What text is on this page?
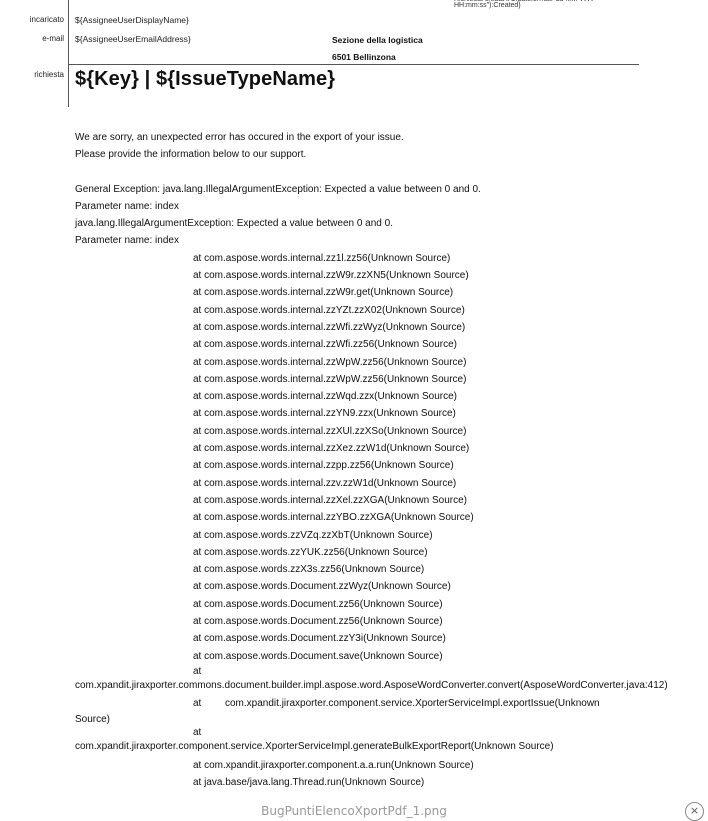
HH:mm:ss"):Created}
incaricato ${AssigneeUserDisplayName}
e-mail ${AssigneeUserEmailAddress}	Sezione della logistica
6501 Bellinzona
richiesta ${Key} | ${IssueTypeName}

We are sorry, an unexpected error has occured in the export of your issue.

Please provide the information below to our support.

General Exception: java.lang.IllegalArgumentException: Expected a value between 0 and 0.

Parameter name: index

java.lang.IllegalArgumentException: Expected a value between 0 and 0.

Parameter name: index

at com.aspose.words.internal.zz1l.zz56(Unknown Source)

at com.aspose.words.internal.zzW9r.zzXN5(Unknown Source)

at com.aspose.words.internal.zzW9r.get(Unknown Source)

at com.aspose.words.internal.zzYZt.zzX02(Unknown Source)

at com.aspose.words.internal.zzWfi.zzWyz(Unknown Source)

at com.aspose.words.internal.zzWfi.zz56(Unknown Source)

at com.aspose.words.internal.zzWpW.zz56(Unknown Source)

at com.aspose.words.internal.zzWpW.zz56(Unknown Source)

at com.aspose.words.internal.zzWqd.zzx(Unknown Source)

at com.aspose.words.internal.zzYN9.zzx(Unknown Source)

at com.aspose.words.internal.zzXUl.zzXSo(Unknown Source)

at com.aspose.words.internal.zzXez.zzW1d(Unknown Source)

at com.aspose.words.internal.zzpp.zz56(Unknown Source)

at com.aspose.words.internal.zzv.zzW1d(Unknown Source)

at com.aspose.words.internal.zzXel.zzXGA(Unknown Source)

at com.aspose.words.internal.zzYBO.zzXGA(Unknown Source)

at com.aspose.words.zzVZq.zzXbT(Unknown Source)

at com.aspose.words.zzYUK.zz56(Unknown Source)

at com.aspose.words.zzX3s.zz56(Unknown Source)

at com.aspose.words.Document.zzWyz(Unknown Source)

at com.aspose.words.Document.zz56(Unknown Source)

at com.aspose.words.Document.zz56(Unknown Source)

at com.aspose.words.Document.zzY3i(Unknown Source)

at com.aspose.words.Document.save(Unknown Source)

at

com.xpandit.jiraxporter.commons.document.builder.impl.aspose.word.AsposeWordConverter.convert(AsposeWordConverter.java:412)

at com.xpandit.jiraxporter.component.service.XporterServiceImpl.exportIssue(Unknown

Source)

at

com.xpandit.jiraxporter.component.service.XporterServiceImpl.generateBulkExportReport(Unknown Source)

at com.xpandit.jiraxporter.component.a.a.run(Unknown Source)

at java.base/java.lang.Thread.run(Unknown Source)

BugPuntiElencoXportPdf_1.png	×
